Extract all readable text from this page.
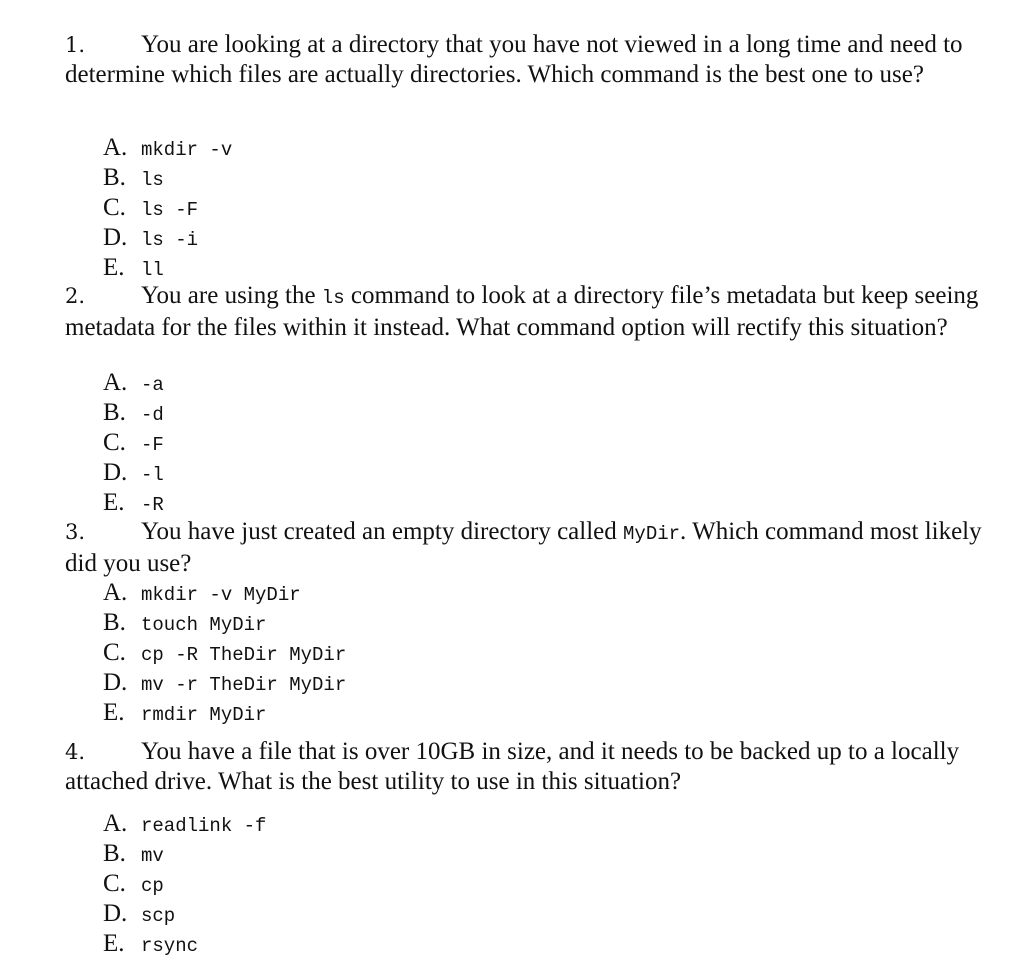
1. You are looking at a directory that you have not viewed in a long time and need to determine which files are actually directories. Which command is the best one to use?

A. mkdir -v
B. ls
C. ls -F
D. ls -i
E. ll

2. You are using the ls command to look at a directory file’s metadata but keep seeing metadata for the files within it instead. What command option will rectify this situation?

A. -a
B. -d
C. -F
D. -l
E. -R

3. You have just created an empty directory called MyDir. Which command most likely did you use?

A. mkdir -v MyDir
B. touch MyDir
C. cp -R TheDir MyDir
D. mv -r TheDir MyDir
E. rmdir MyDir

4. You have a file that is over 10GB in size, and it needs to be backed up to a locally attached drive. What is the best utility to use in this situation?

A. readlink -f
B. mv
C. cp
D. scp
E. rsync
